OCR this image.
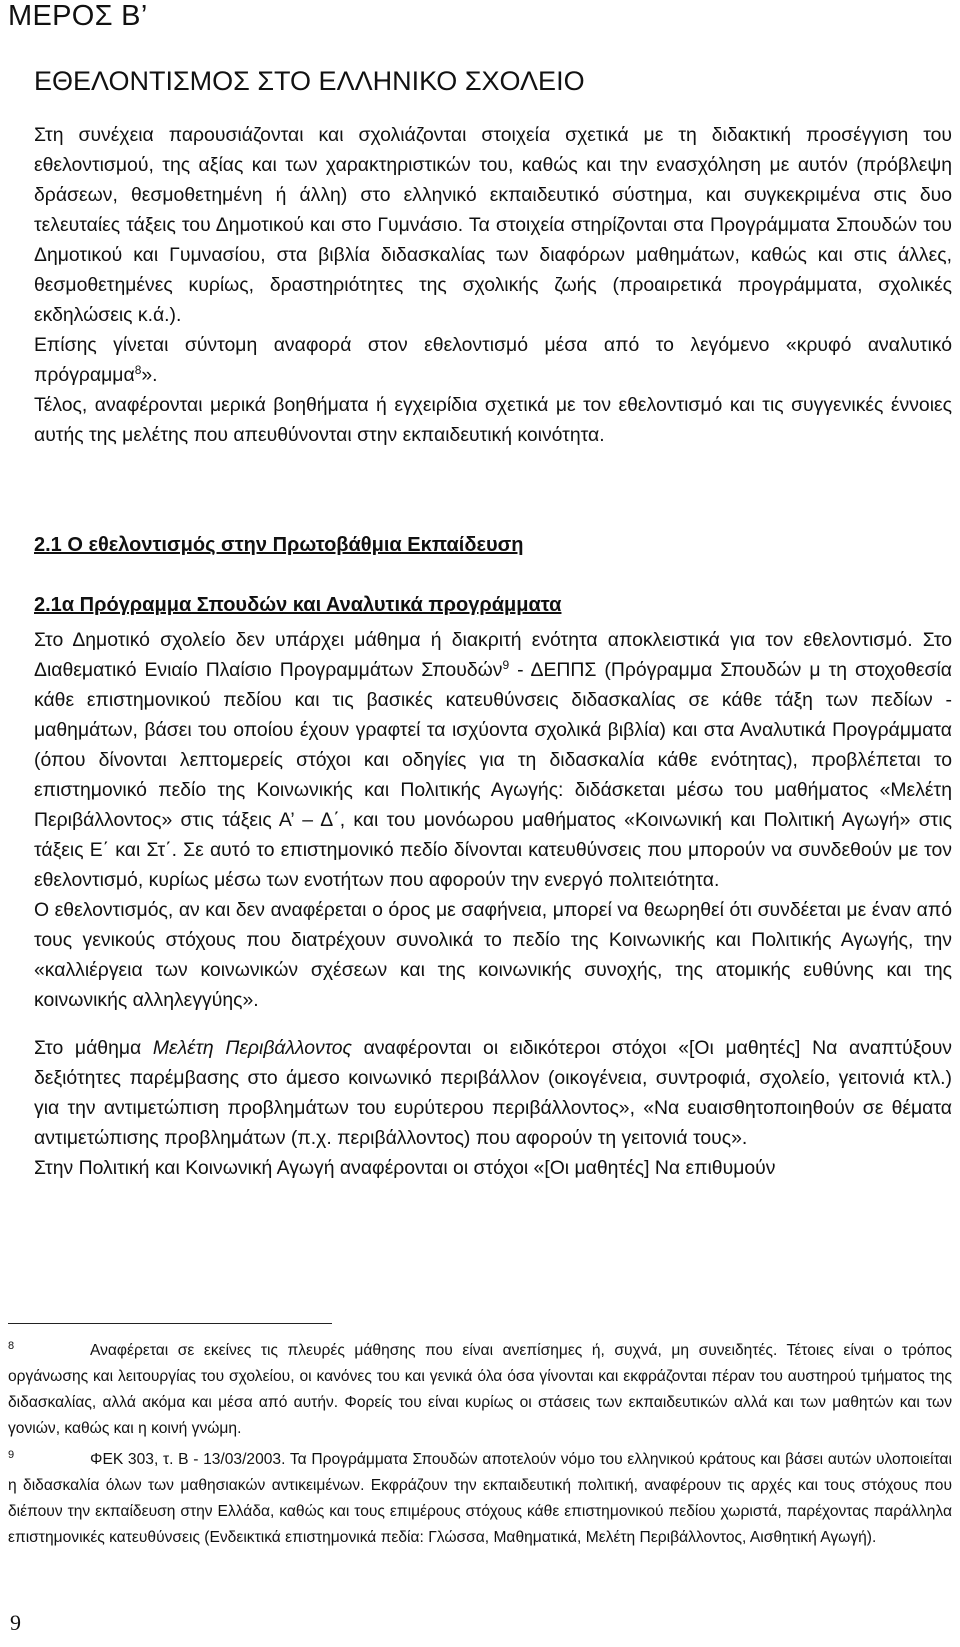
ΜΕΡΟΣ Β’
ΕΘΕΛΟΝΤΙΣΜΟΣ ΣΤΟ ΕΛΛΗΝΙΚΟ ΣΧΟΛΕΙΟ

Στη συνέχεια παρουσιάζονται και σχολιάζονται στοιχεία σχετικά με τη διδακτική προσέγγιση του εθελοντισμού, της αξίας και των χαρακτηριστικών του, καθώς και την ενασχόληση με αυτόν (πρόβλεψη δράσεων, θεσμοθετημένη ή άλλη) στο ελληνικό εκπαιδευτικό σύστημα, και συγκεκριμένα στις δυο τελευταίες τάξεις του Δημοτικού και στο Γυμνάσιο. Τα στοιχεία στηρίζονται στα Προγράμματα Σπουδών του Δημοτικού και Γυμνασίου, στα βιβλία διδασκαλίας των διαφόρων μαθημάτων, καθώς και στις άλλες, θεσμοθετημένες κυρίως, δραστηριότητες της σχολικής ζωής (προαιρετικά προγράμματα, σχολικές εκδηλώσεις κ.ά.).

Επίσης γίνεται σύντομη αναφορά στον εθελοντισμό μέσα από το λεγόμενο «κρυφό αναλυτικό πρόγραμμα$^8$».

Τέλος, αναφέρονται μερικά βοηθήματα ή εγχειρίδια σχετικά με τον εθελοντισμό και τις συγγενικές έννοιες αυτής της μελέτης που απευθύνονται στην εκπαιδευτική κοινότητα.

2.1 Ο εθελοντισμός στην Πρωτοβάθμια Εκπαίδευση
2.1α Πρόγραμμα Σπουδών και Αναλυτικά προγράμματα

Στο Δημοτικό σχολείο δεν υπάρχει μάθημα ή διακριτή ενότητα αποκλειστικά για τον εθελοντισμό. Στο Διαθεματικό Ενιαίο Πλαίσιο Προγραμμάτων Σπουδών$^9$ - ΔΕΠΠΣ (Πρόγραμμα Σπουδών μ τη στοχοθεσία κάθε επιστημονικού πεδίου και τις βασικές κατευθύνσεις διδασκαλίας σε κάθε τάξη των πεδίων - μαθημάτων, βάσει του οποίου έχουν γραφτεί τα ισχύοντα σχολικά βιβλία) και στα Αναλυτικά Προγράμματα (όπου δίνονται λεπτομερείς στόχοι και οδηγίες για τη διδασκαλία κάθε ενότητας), προβλέπεται το επιστημονικό πεδίο της Κοινωνικής και Πολιτικής Αγωγής: διδάσκεται μέσω του μαθήματος «Μελέτη Περιβάλλοντος» στις τάξεις Α’ – Δ΄, και του μονόωρου μαθήματος «Κοινωνική και Πολιτική Αγωγή» στις τάξεις Ε΄ και Στ΄. Σε αυτό το επιστημονικό πεδίο δίνονται κατευθύνσεις που μπορούν να συνδεθούν με τον εθελοντισμό, κυρίως μέσω των ενοτήτων που αφορούν την ενεργό πολιτειότητα.

Ο εθελοντισμός, αν και δεν αναφέρεται ο όρος με σαφήνεια, μπορεί να θεωρηθεί ότι συνδέεται με έναν από τους γενικούς στόχους που διατρέχουν συνολικά το πεδίο της Κοινωνικής και Πολιτικής Αγωγής, την «καλλιέργεια των κοινωνικών σχέσεων και της κοινωνικής συνοχής, της ατομικής ευθύνης και της κοινωνικής αλληλεγγύης».

Στο μάθημα Μελέτη Περιβάλλοντος αναφέρονται οι ειδικότεροι στόχοι «[Οι μαθητές] Να αναπτύξουν δεξιότητες παρέμβασης στο άμεσο κοινωνικό περιβάλλον (οικογένεια, συντροφιά, σχολείο, γειτονιά κτλ.) για την αντιμετώπιση προβλημάτων του ευρύτερου περιβάλλοντος», «Να ευαισθητοποιηθούν σε θέματα αντιμετώπισης προβλημάτων (π.χ. περιβάλλοντος) που αφορούν τη γειτονιά τους».

Στην Πολιτική και Κοινωνική Αγωγή αναφέρονται οι στόχοι «[Οι μαθητές] Να επιθυμούν

8	Αναφέρεται σε εκείνες τις πλευρές μάθησης που είναι ανεπίσημες ή, συχνά, μη συνειδητές. Τέτοιες είναι ο τρόπος οργάνωσης και λειτουργίας του σχολείου, οι κανόνες του και γενικά όλα όσα γίνονται και εκφράζονται πέραν του αυστηρού τμήματος της διδασκαλίας, αλλά ακόμα και μέσα από αυτήν. Φορείς του είναι κυρίως οι στάσεις των εκπαιδευτικών αλλά και των μαθητών και των γονιών, καθώς και η κοινή γνώμη.

9	ΦΕΚ 303, τ. Β - 13/03/2003. Τα Προγράμματα Σπουδών αποτελούν νόμο του ελληνικού κράτους και βάσει αυτών υλοποιείται η διδασκαλία όλων των μαθησιακών αντικειμένων. Εκφράζουν την εκπαιδευτική πολιτική, αναφέρουν τις αρχές και τους στόχους που διέπουν την εκπαίδευση στην Ελλάδα, καθώς και τους επιμέρους στόχους κάθε επιστημονικού πεδίου χωριστά, παρέχοντας παράλληλα επιστημονικές κατευθύνσεις (Ενδεικτικά επιστημονικά πεδία: Γλώσσα, Μαθηματικά, Μελέτη Περιβάλλοντος, Αισθητική Αγωγή).

9
